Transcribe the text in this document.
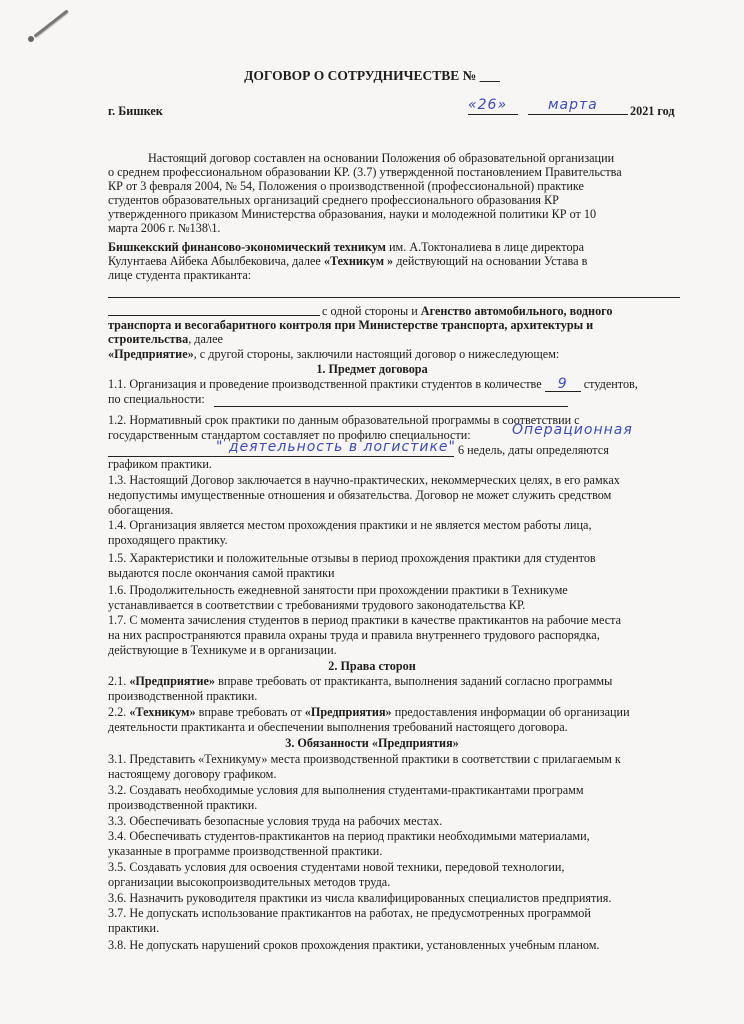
ДОГОВОР О СОТРУДНИЧЕСТВЕ № ___
г. Бишкек	«26»	марта	2021 год
Настоящий договор составлен на основании Положения об образовательной организации
о среднем профессиональном образовании КР. (3.7) утвержденной постановлением Правительства
КР от 3 февраля 2004, № 54, Положения о производственной (профессиональной) практике
студентов образовательных организаций среднего профессионального образования КР
утвержденного приказом Министерства образования, науки и молодежной политики КР от 10
марта 2006 г. №138\1.
Бишкекский финансово-экономический техникум им. А.Токтоналиева в лице директора
Кулунтаева Айбека Абылбековича, далее «Техникум » действующий на основании Устава в
лице студента практиканта:
с одной стороны и Агенство автомобильного, водного
транспорта и весогабаритного контроля при Министерстве транспорта, архитектуры и
строительства, далее
«Предприятие», с другой стороны, заключили настоящий договор о нижеследующем:
1. Предмет договора
1.1. Организация и проведение производственной практики студентов в количестве 9 студентов,
по специальности:
1.2. Нормативный срок практики по данным образовательной программы в соответствии с
государственным стандартом составляет по профилю специальности:	Операционная
" деятельность в логистике" 6 недель, даты определяются
графиком практики.
1.3. Настоящий Договор заключается в научно-практических, некоммерческих целях, в его рамках
недопустимы имущественные отношения и обязательства. Договор не может служить средством
обогащения.
1.4. Организация является местом прохождения практики и не является местом работы лица,
проходящего практику.
1.5. Характеристики и положительные отзывы в период прохождения практики для студентов
выдаются после окончания самой практики
1.6. Продолжительность ежедневной занятости при прохождении практики в Техникуме
устанавливается в соответствии с требованиями трудового законодательства КР.
1.7. С момента зачисления студентов в период практики в качестве практикантов на рабочие места
на них распространяются правила охраны труда и правила внутреннего трудового распорядка,
действующие в Техникуме и в организации.
2. Права сторон
2.1. «Предприятие» вправе требовать от практиканта, выполнения заданий согласно программы
производственной практики.
2.2. «Техникум» вправе требовать от «Предприятия» предоставления информации об организации
деятельности практиканта и обеспечении выполнения требований настоящего договора.
3. Обязанности «Предприятия»
3.1. Представить «Техникуму» места производственной практики в соответствии с прилагаемым к
настоящему договору графиком.
3.2. Создавать необходимые условия для выполнения студентами-практикантами программ
производственной практики.
3.3. Обеспечивать безопасные условия труда на рабочих местах.
3.4. Обеспечивать студентов-практикантов на период практики необходимыми материалами,
указанные в программе производственной практики.
3.5. Создавать условия для освоения студентами новой техники, передовой технологии,
организации высокопроизводительных методов труда.
3.6. Назначить руководителя практики из числа квалифицированных специалистов предприятия.
3.7. Не допускать использование практикантов на работах, не предусмотренных программой
практики.
3.8. Не допускать нарушений сроков прохождения практики, установленных учебным планом.
